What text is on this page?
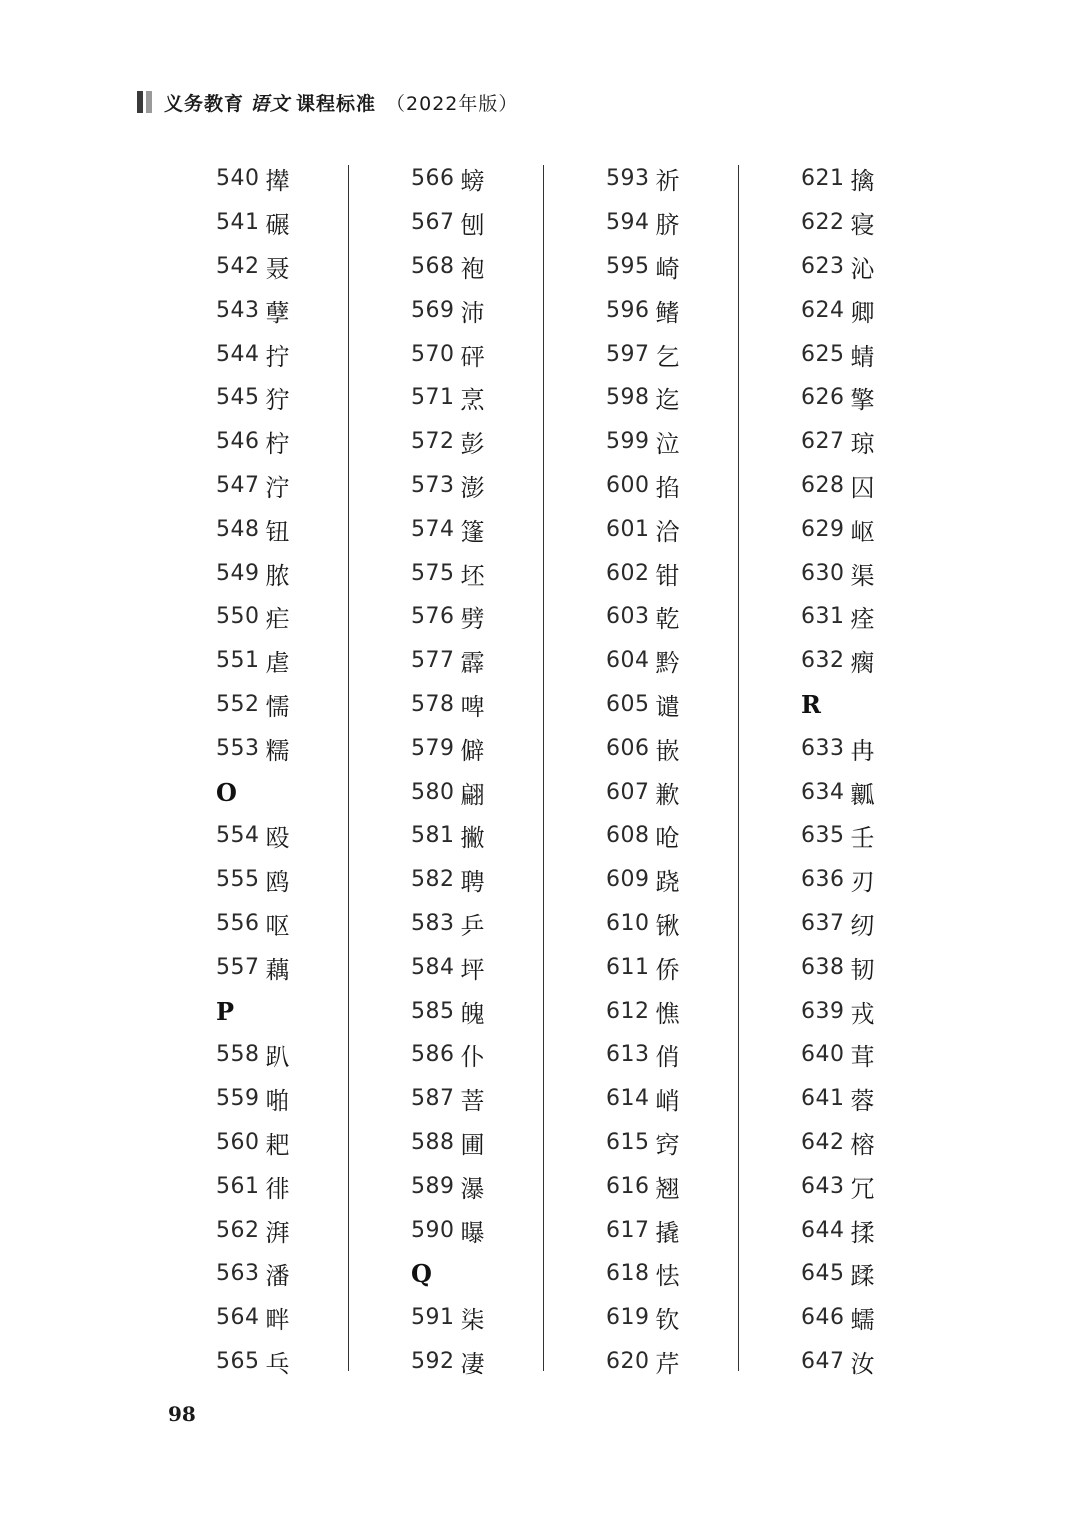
义务教育 语文 课程标准 （2022年版）
540 撵
541 碾
542 聂
543 孽
544 拧
545 狞
546 柠
547 泞
548 钮
549 脓
550 疟
551 虐
552 懦
553 糯
O
554 殴
555 鸥
556 呕
557 藕
P
558 趴
559 啪
560 耙
561 徘
562 湃
563 潘
564 畔
565 乓
566 螃
567 刨
568 袍
569 沛
570 砰
571 烹
572 彭
573 澎
574 篷
575 坯
576 劈
577 霹
578 啤
579 僻
580 翩
581 撇
582 聘
583 乒
584 坪
585 魄
586 仆
587 菩
588 圃
589 瀑
590 曝
Q
591 柒
592 凄
593 祈
594 脐
595 崎
596 鳍
597 乞
598 迄
599 泣
600 掐
601 洽
602 钳
603 乾
604 黔
605 谴
606 嵌
607 歉
608 呛
609 跷
610 锹
611 侨
612 憔
613 俏
614 峭
615 窍
616 翘
617 撬
618 怯
619 钦
620 芹
621 擒
622 寝
623 沁
624 卿
625 蜻
626 擎
627 琼
628 囚
629 岖
630 渠
631 痊
632 瘸
R
633 冉
634 瓤
635 壬
636 刃
637 纫
638 韧
639 戎
640 茸
641 蓉
642 榕
643 冗
644 揉
645 蹂
646 蠕
647 汝
98
